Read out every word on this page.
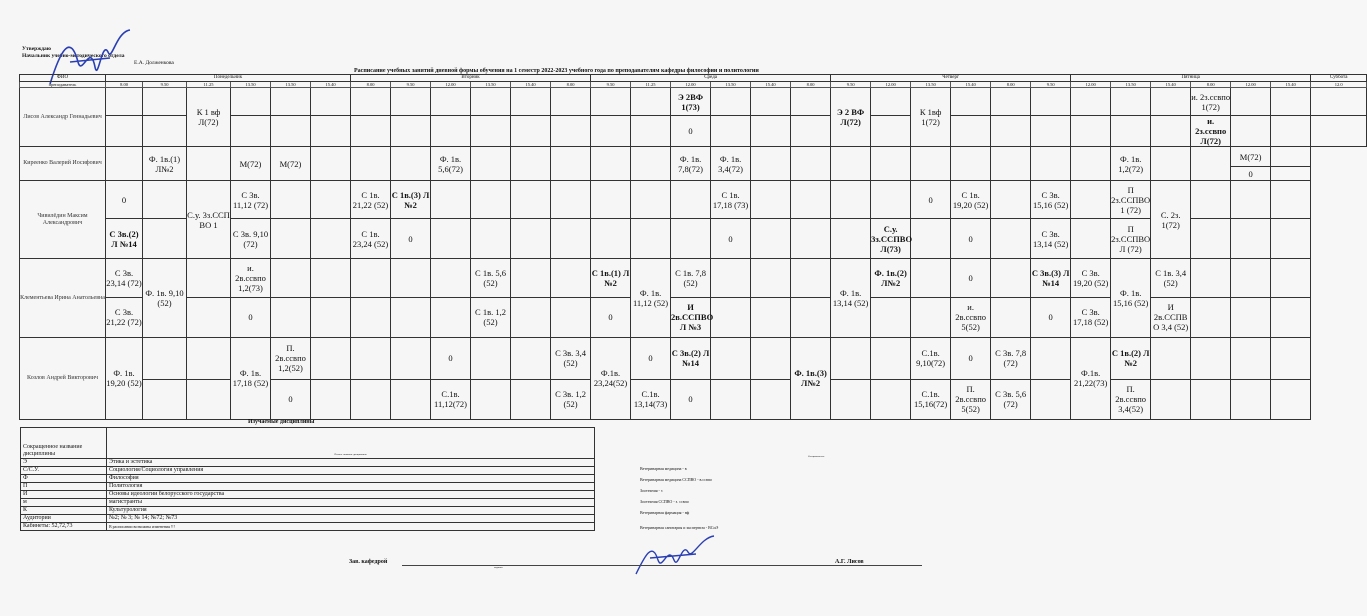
Утверждаю
Начальник учебно-методического отдела
Е.А. Долженкова
Расписание учебных занятий дневной формы обучения на 1 семестр 2022-2023 учебного года по преподавателям кафедры философии и политологии
ФИО	Понедельник						Вторник						Среда						Четверг						Пятница						Суббота
преподаватель	8.00	9.50	11.25	13.50	13.50	15.40	8.00	9.50	12.00	13.50	15.40	8.00	9.50	11.25	12.00	13.50	15.40	8.00	9.50	12.00	13.50	15.40	8.00	9.50	12.00	13.50	15.40	8.00	12.00	15.40	12.0
Лисов Александр Геннадьевич			К 1 вф Л(72)												Э 2ВФ 1(73)				Э 2 ВФ Л(72)		К 1вф 1(72)							и. 2з.ссвпо 1(72)			
															0													и. 2з.ссвпо Л(72)			
Киреенко Валерий Иосифович		Ф. 1в.(1) Л№2		М(72)	М(72)				Ф. 1в. 5,6(72)						Ф. 1в. 7,8(72)	Ф. 1в. 3,4(72)										Ф. 1в. 1,2(72)			М(72)		
																													0		
Чивилёдин Максим Александрович	0		С.у. 3з.ССП ВО 1	С 3в. 11,12 (72)			С 1в. 21,22 (52)	С 1в.(3) Л №2								С 1в. 17,18 (73)					0	С 1в. 19,20 (52)		С 3в. 15,16 (52)		П 2з.ССПВО 1 (72)	С. 2з. 1(72)				
	С 3в.(2) Л №14			С 3в. 9,10 (72)			С 1в. 23,24 (52)	0								0				С.у. 3з.ССПВО Л(73)		0		С 3в. 13,14 (52)		П 2з.ССПВО Л (72)					
Клементьева Ирина Анатольевна	С 3в. 23,14 (72)	Ф. 1в. 9,10 (52)		и. 2в.ссвпо 1,2(73)						С 1в. 5,6 (52)			С 1в.(1) Л №2	Ф. 1в. 11,12 (52)	С 1в. 7,8 (52)				Ф. 1в. 13,14 (52)	Ф. 1в.(2) Л№2		0		С 3в.(3) Л №14	С 3в. 19,20 (52)	Ф. 1в. 15,16 (52)	С 1в. 3,4 (52)				
	С 3в. 21,22 (72)			0						С 1в. 1,2 (52)			0		И 2в.ССПВО Л №3							и. 2в.ссвпо 5(52)		0	С 3в. 17,18 (52)		И 2в.ССПВ О 3,4 (52)				
Козлов Андрей Викторович	Ф. 1в. 19,20 (52)			Ф. 1в. 17,18 (52)	П. 2в.ссвпо 1,2(52)				0			С 3в. 3,4 (52)	Ф.1в. 23,24(52)	0	С 3в.(2) Л №14			Ф. 1в.(3) Л№2			С.1в. 9,10(72)	0	С 3в. 7,8 (72)		Ф.1в. 21,22(73)	С 1в.(2) Л №2					
					0				С.1в. 11,12(72)			С 3в. 1,2 (52)		С.1в. 13,14(73)	0						С.1в. 15,16(72)	П. 2в.ссвпо 5(52)	С 3в. 5,6 (72)			П. 2в.ссвпо 3,4(52)					
Изучаемые дисциплины
Сокращенное название дисциплины	Полное название дисциплины
Э	Этика и эстетика
С/С.У.	Социология/Социология управления
Ф	Философия
П	Политология
И	Основы идеологии белорусского государства
м	магистранты
К	Культурология
Аудитории	№2; № 3; № 14; №72; №73
Кабинеты: 52,72,73	В расписании возможны изменения !!!
Специальность
Ветеринарная медицина - в
Ветеринарная медицина ССПВО - в.ссвпо
Зоотехния - з
Зоотехния ССПВО - з. ссвпо
Ветеринарная фармация - вф
Ветеринарная санитария и экспертиза - ВСиЭ
Зав. кафедрой
подпись
А.Г. Лисов
